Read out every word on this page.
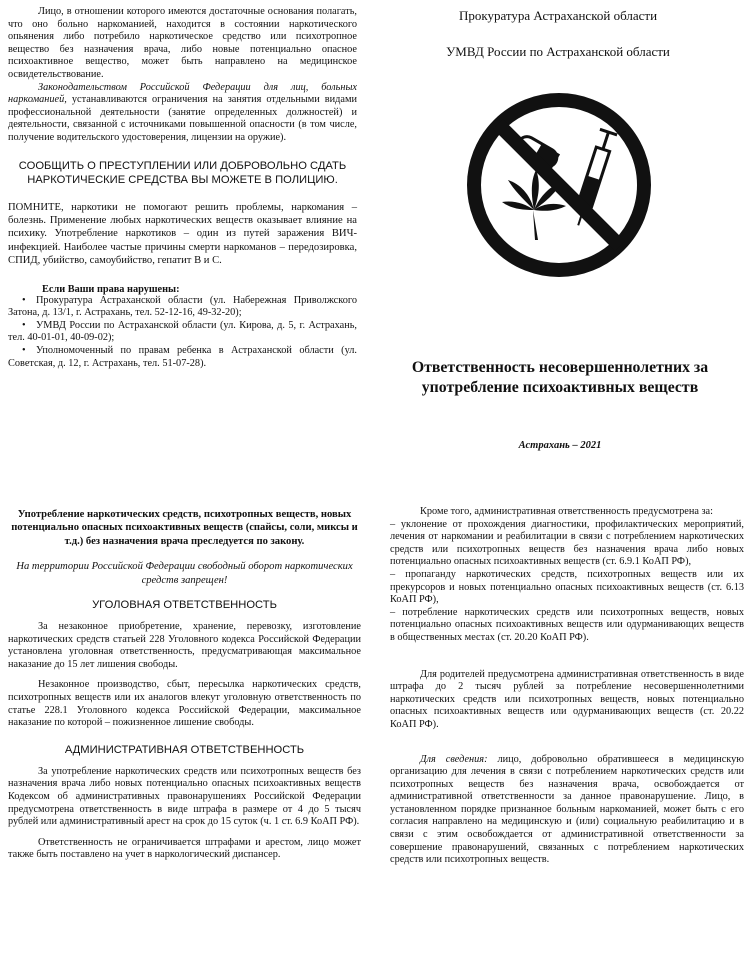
Лицо, в отношении которого имеются достаточные основания полагать, что оно больно наркоманией, находится в состоянии наркотического опьянения либо потребило наркотическое средство или психотропное вещество без назначения врача, либо новые потенциально опасное психоактивное вещество, может быть направлено на медицинское освидетельствование.

Законодательством Российской Федерации для лиц, больных наркоманией, устанавливаются ограничения на занятия отдельными видами профессиональной деятельности (занятие определенных должностей) и деятельности, связанной с источниками повышенной опасности (в том числе, получение водительского удостоверения, лицензии на оружие).

СООБЩИТЬ О ПРЕСТУПЛЕНИИ ИЛИ ДОБРОВОЛЬНО СДАТЬ НАРКОТИЧЕСКИЕ СРЕДСТВА ВЫ МОЖЕТЕ В ПОЛИЦИЮ.

ПОМНИТЕ, наркотики не помогают решить проблемы, наркомания – болезнь. Применение любых наркотических веществ оказывает влияние на психику. Употребление наркотиков – один из путей заражения ВИЧ-инфекцией. Наиболее частые причины смерти наркоманов – передозировка, СПИД, убийство, самоубийство, гепатит В и С.

Если Ваши права нарушены:

• Прокуратура Астраханской области (ул. Набережная Приволжского Затона, д. 13/1, г. Астрахань, тел. 52-12-16, 49-32-20);
• УМВД России по Астраханской области (ул. Кирова, д. 5, г. Астрахань, тел. 40-01-01, 40-09-02);
• Уполномоченный по правам ребенка в Астраханской области (ул. Советская, д. 12, г. Астрахань, тел. 51-07-28).

Прокуратура Астраханской области

УМВД России по Астраханской области

Ответственность несовершеннолетних за употребление психоактивных веществ

Астрахань – 2021

Употребление наркотических средств, психотропных веществ, новых потенциально опасных психоактивных веществ (спайсы, соли, миксы и т.д.) без назначения врача преследуется по закону.

На территории Российской Федерации свободный оборот наркотических средств запрещен!

УГОЛОВНАЯ ОТВЕТСТВЕННОСТЬ

За незаконное приобретение, хранение, перевозку, изготовление наркотических средств статьей 228 Уголовного кодекса Российской Федерации установлена уголовная ответственность, предусматривающая максимальное наказание до 15 лет лишения свободы.

Незаконное производство, сбыт, пересылка наркотических средств, психотропных веществ или их аналогов влекут уголовную ответственность по статье 228.1 Уголовного кодекса Российской Федерации, максимальное наказание по которой – пожизненное лишение свободы.

АДМИНИСТРАТИВНАЯ ОТВЕТСТВЕННОСТЬ

За употребление наркотических средств или психотропных веществ без назначения врача либо новых потенциально опасных психоактивных веществ Кодексом об административных правонарушениях Российской Федерации предусмотрена ответственность в виде штрафа в размере от 4 до 5 тысяч рублей или административный арест на срок до 15 суток (ч. 1 ст. 6.9 КоАП РФ).

Ответственность не ограничивается штрафами и арестом, лицо может также быть поставлено на учет в наркологический диспансер.

Кроме того, административная ответственность предусмотрена за:

– уклонение от прохождения диагностики, профилактических мероприятий, лечения от наркомании и реабилитации в связи с потреблением наркотических средств или психотропных веществ без назначения врача либо новых потенциально опасных психоактивных веществ (ст. 6.9.1 КоАП РФ),

– пропаганду наркотических средств, психотропных веществ или их прекурсоров и новых потенциально опасных психоактивных веществ (ст. 6.13 КоАП РФ),

– потребление наркотических средств или психотропных веществ, новых потенциально опасных психоактивных веществ или одурманивающих веществ в общественных местах (ст. 20.20 КоАП РФ).

Для родителей предусмотрена административная ответственность в виде штрафа до 2 тысяч рублей за потребление несовершеннолетними наркотических средств или психотропных веществ, новых потенциально опасных психоактивных веществ или одурманивающих веществ (ст. 20.22 КоАП РФ).

Для сведения: лицо, добровольно обратившееся в медицинскую организацию для лечения в связи с потреблением наркотических средств или психотропных веществ без назначения врача, освобождается от административной ответственности за данное правонарушение. Лицо, в установленном порядке признанное больным наркоманией, может быть с его согласия направлено на медицинскую и (или) социальную реабилитацию и в связи с этим освобождается от административной ответственности за совершение правонарушений, связанных с потреблением наркотических средств или психотропных веществ.
